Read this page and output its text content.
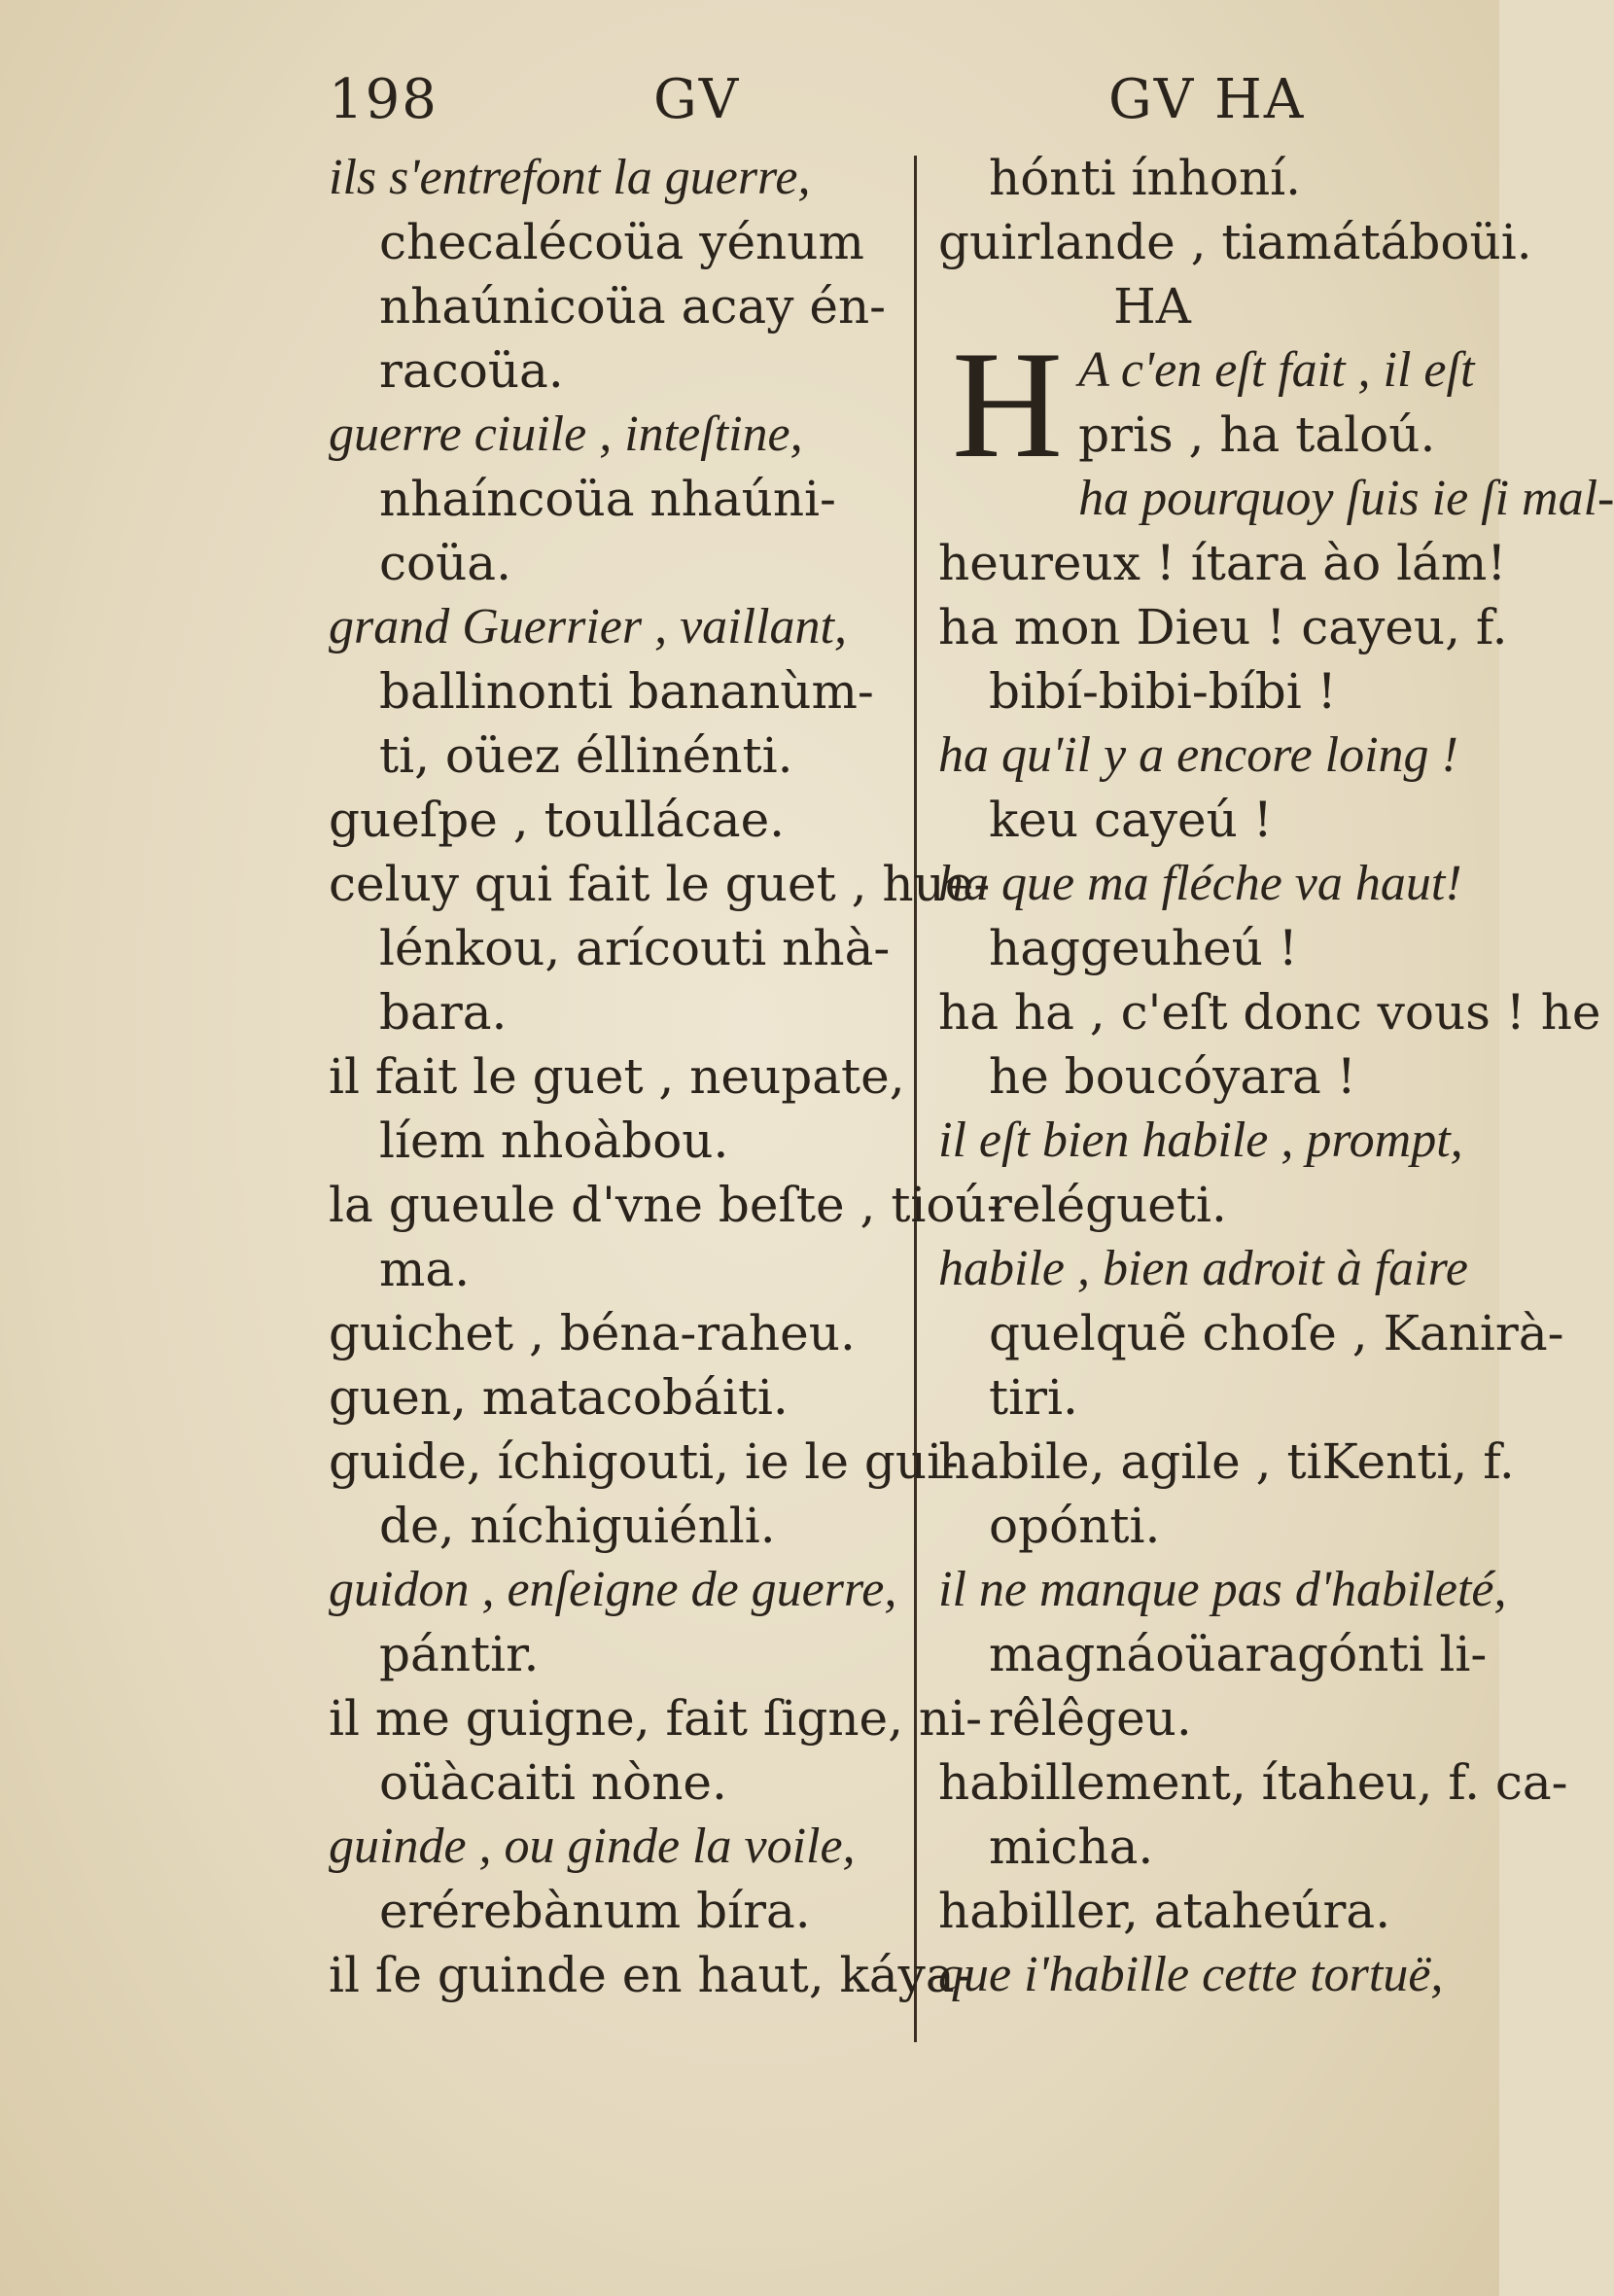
198	GV	GV HA
ils s'entrefont la guerre,
checalécoüa yénum
nhaúnicoüa acay én-
racoüa.
guerre ciuile , inteſtine,
nhaíncoüa nhaúni-
coüa.
grand Guerrier , vaillant,
ballinonti bananùm-
ti, oüez éllinénti.
gueſpe , toullácae.
celuy qui fait le guet , hue-
lénkou, arícouti nhà-
bara.
il fait le guet , neupate,
líem nhoàbou.
la gueule d'vne beſte , tioú-
ma.
guichet , béna-raheu.
guen, matacobáiti.
guide, íchigouti, ie le gui-
de, níchiguiénli.
guidon , enſeigne de guerre,
pántir.
il me guigne, fait ſigne, ni-
oüàcaiti nòne.
guinde , ou ginde la voile,
erérebànum bíra.
il ſe guinde en haut, káya-
hónti ínhoní.
guirlande , tiamátáboüi.
HA
H A c'en eſt fait , il eſt
pris , ha taloú.
ha pourquoy ſuis ie ſi mal-
heureux ! ítara ào lám!
ha mon Dieu ! cayeu, f.
bibí-bibi-bíbi !
ha qu'il y a encore loing !
keu cayeú !
ha que ma fléche va haut!
haggeuheú !
ha ha , c'eſt donc vous ! he
he boucóyara !
il eſt bien habile , prompt,
relégueti.
habile , bien adroit à faire
quelquẽ choſe , Kanirà-
tiri.
habile, agile , tiKenti, f.
opónti.
il ne manque pas d'habileté,
magnáoüaragónti li-
rêlêgeu.
habillement, ítaheu, f. ca-
micha.
habiller, ataheúra.
que i'habille cette tortuë,
